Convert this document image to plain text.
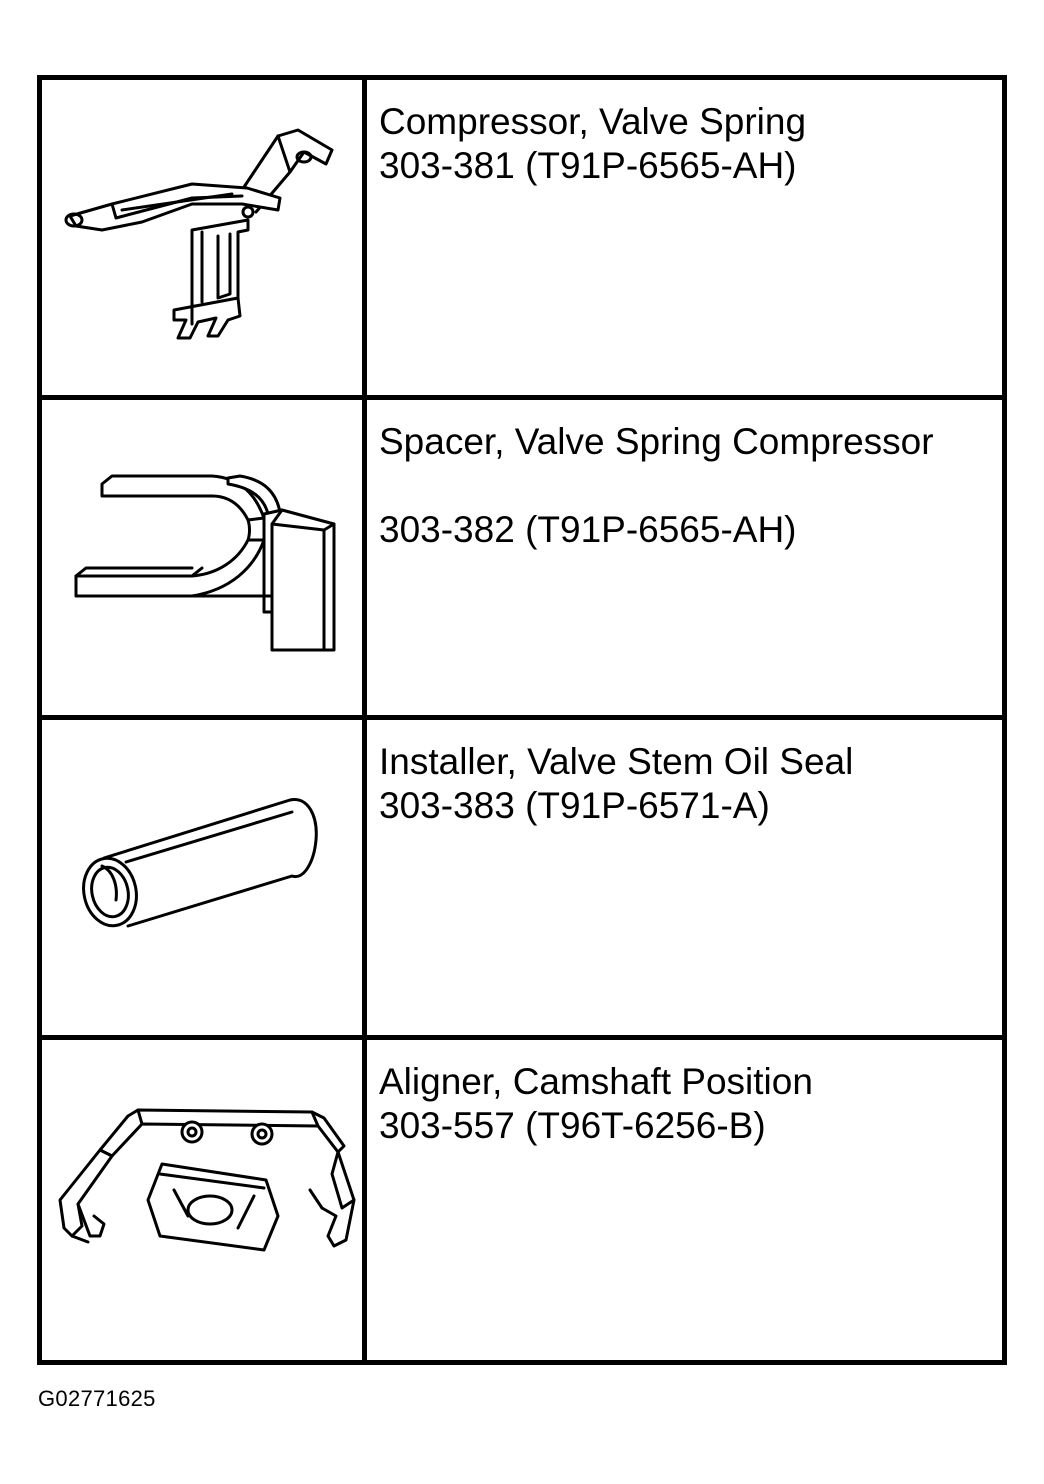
Compressor, Valve Spring
303-381 (T91P-6565-AH)
Spacer, Valve Spring Compressor
303-382 (T91P-6565-AH)
Installer, Valve Stem Oil Seal
303-383 (T91P-6571-A)
Aligner, Camshaft Position
303-557 (T96T-6256-B)
G02771625
